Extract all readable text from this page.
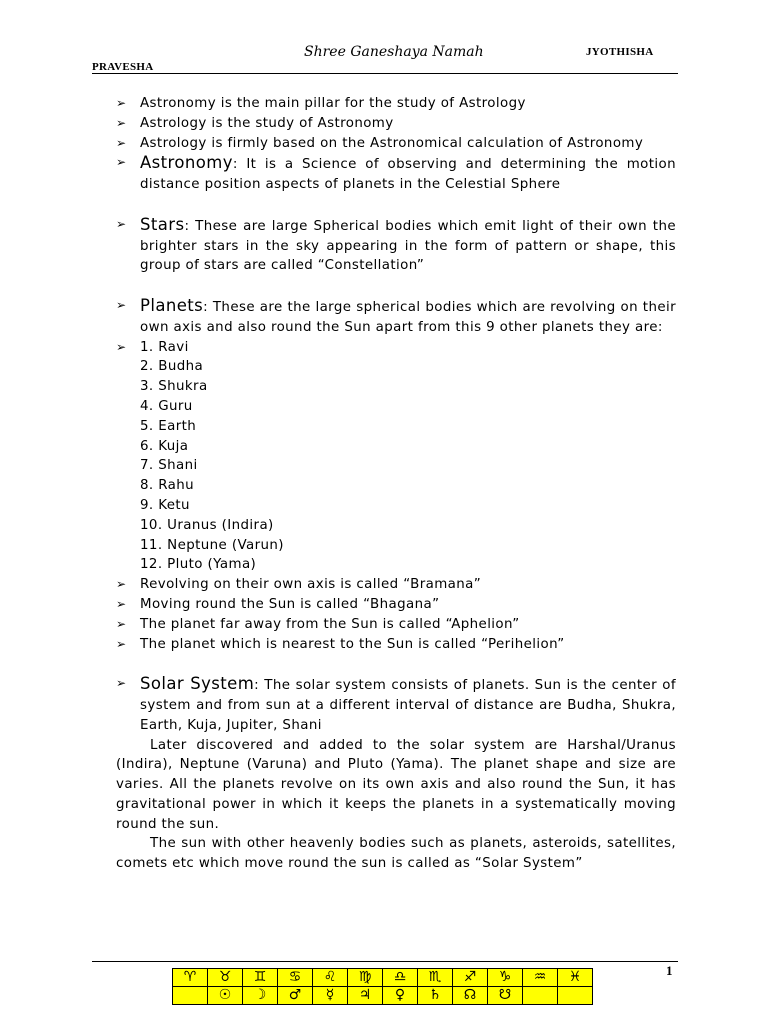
Shree Ganeshaya Namah	JYOTHISHA
PRAVESHA
➢ Astronomy is the main pillar for the study of Astrology
➢ Astrology is the study of Astronomy
➢ Astrology is firmly based on the Astronomical calculation of Astronomy
➢ Astronomy: It is a Science of observing and determining the motion distance position aspects of planets in the Celestial Sphere
➢ Stars: These are large Spherical bodies which emit light of their own the brighter stars in the sky appearing in the form of pattern or shape, this group of stars are called “Constellation”
➢ Planets: These are the large spherical bodies which are revolving on their own axis and also round the Sun apart from this 9 other planets they are:
➢ 1. Ravi
2. Budha
3. Shukra
4. Guru
5. Earth
6. Kuja
7. Shani
8. Rahu
9. Ketu
10. Uranus (Indira)
11. Neptune (Varun)
12. Pluto (Yama)
➢ Revolving on their own axis is called “Bramana”
➢ Moving round the Sun is called “Bhagana”
➢ The planet far away from the Sun is called “Aphelion”
➢ The planet which is nearest to the Sun is called “Perihelion”
➢ Solar System: The solar system consists of planets. Sun is the center of system and from sun at a different interval of distance are Budha, Shukra, Earth, Kuja, Jupiter, Shani
Later discovered and added to the solar system are Harshal/Uranus (Indira), Neptune (Varuna) and Pluto (Yama). The planet shape and size are varies. All the planets revolve on its own axis and also round the Sun, it has gravitational power in which it keeps the planets in a systematically moving round the sun.
The sun with other heavenly bodies such as planets, asteroids, satellites, comets etc which move round the sun is called as “Solar System”
1
♈	♉	♊	♋	♌	♍	♎	♏	♐	♑	♒	♓
	☉	☽	♂	☿	♃	♀	♄	☊	☋		
